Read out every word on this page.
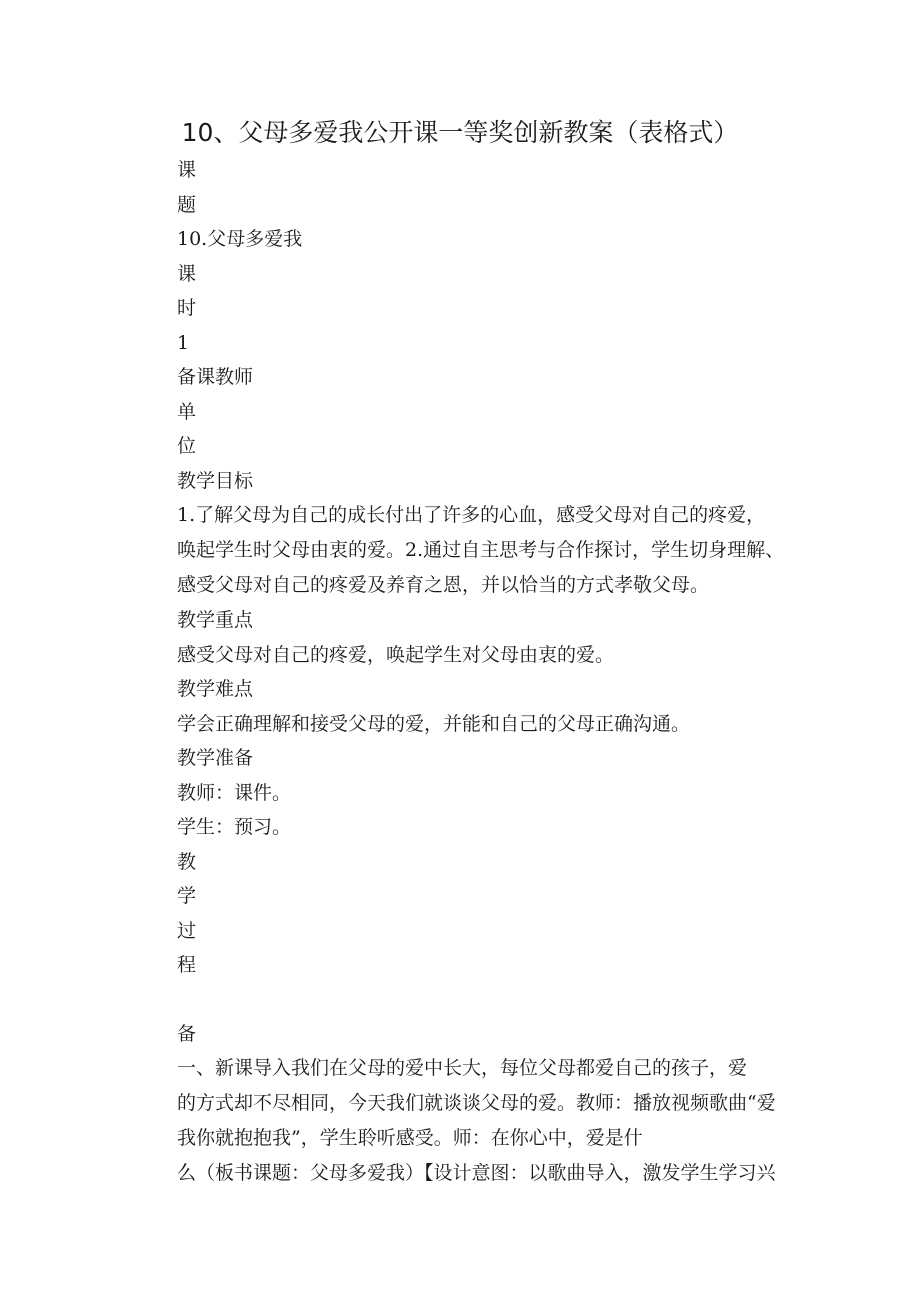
10、父母多爱我公开课一等奖创新教案（表格式）

课

题

10.父母多爱我

课

时

1

备课教师

单

位

教学目标

1.了解父母为自己的成长付出了许多的心血，感受父母对自己的疼爱，
唤起学生时父母由衷的爱。2.通过自主思考与合作探讨，学生切身理解、
感受父母对自己的疼爱及养育之恩，并以恰当的方式孝敬父母。

教学重点

感受父母对自己的疼爱，唤起学生对父母由衷的爱。

教学难点

学会正确理解和接受父母的爱，并能和自己的父母正确沟通。

教学准备

教师：课件。

学生：预习。

教

学

过

程

备

一、新课导入我们在父母的爱中长大，每位父母都爱自己的孩子，爱
的方式却不尽相同，今天我们就谈谈父母的爱。教师：播放视频歌曲“爱
我你就抱抱我”，学生聆听感受。师：在你心中，爱是什
么（板书课题：父母多爱我）【设计意图：以歌曲导入，激发学生学习兴
